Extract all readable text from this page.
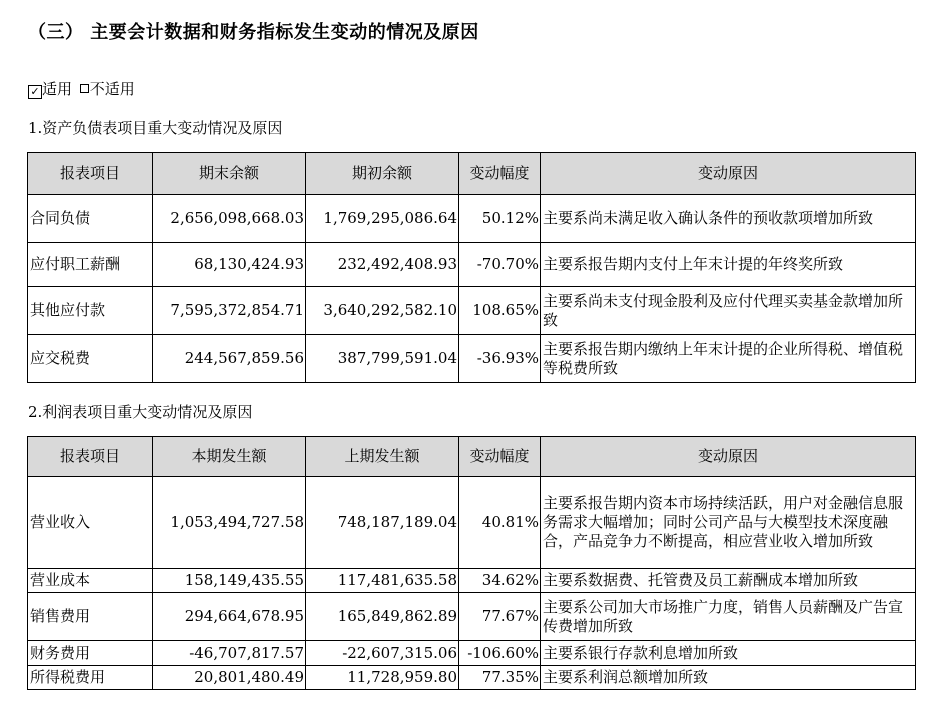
（三） 主要会计数据和财务指标发生变动的情况及原因
✓ 适用 不适用
1.资产负债表项目重大变动情况及原因
报表项目	期末余额	期初余额	变动幅度	变动原因
合同负债	2,656,098,668.03	1,769,295,086.64	50.12%	主要系尚未满足收入确认条件的预收款项增加所致
应付职工薪酬	68,130,424.93	232,492,408.93	-70.70%	主要系报告期内支付上年末计提的年终奖所致
其他应付款	7,595,372,854.71	3,640,292,582.10	108.65%	主要系尚未支付现金股利及应付代理买卖基金款增加所致
应交税费	244,567,859.56	387,799,591.04	-36.93%	主要系报告期内缴纳上年末计提的企业所得税、增值税等税费所致
2.利润表项目重大变动情况及原因
报表项目	本期发生额	上期发生额	变动幅度	变动原因
营业收入	1,053,494,727.58	748,187,189.04	40.81%	主要系报告期内资本市场持续活跃，用户对金融信息服务需求大幅增加；同时公司产品与大模型技术深度融合，产品竞争力不断提高，相应营业收入增加所致
营业成本	158,149,435.55	117,481,635.58	34.62%	主要系数据费、托管费及员工薪酬成本增加所致
销售费用	294,664,678.95	165,849,862.89	77.67%	主要系公司加大市场推广力度，销售人员薪酬及广告宣传费增加所致
财务费用	-46,707,817.57	-22,607,315.06	-106.60%	主要系银行存款利息增加所致
所得税费用	20,801,480.49	11,728,959.80	77.35%	主要系利润总额增加所致
